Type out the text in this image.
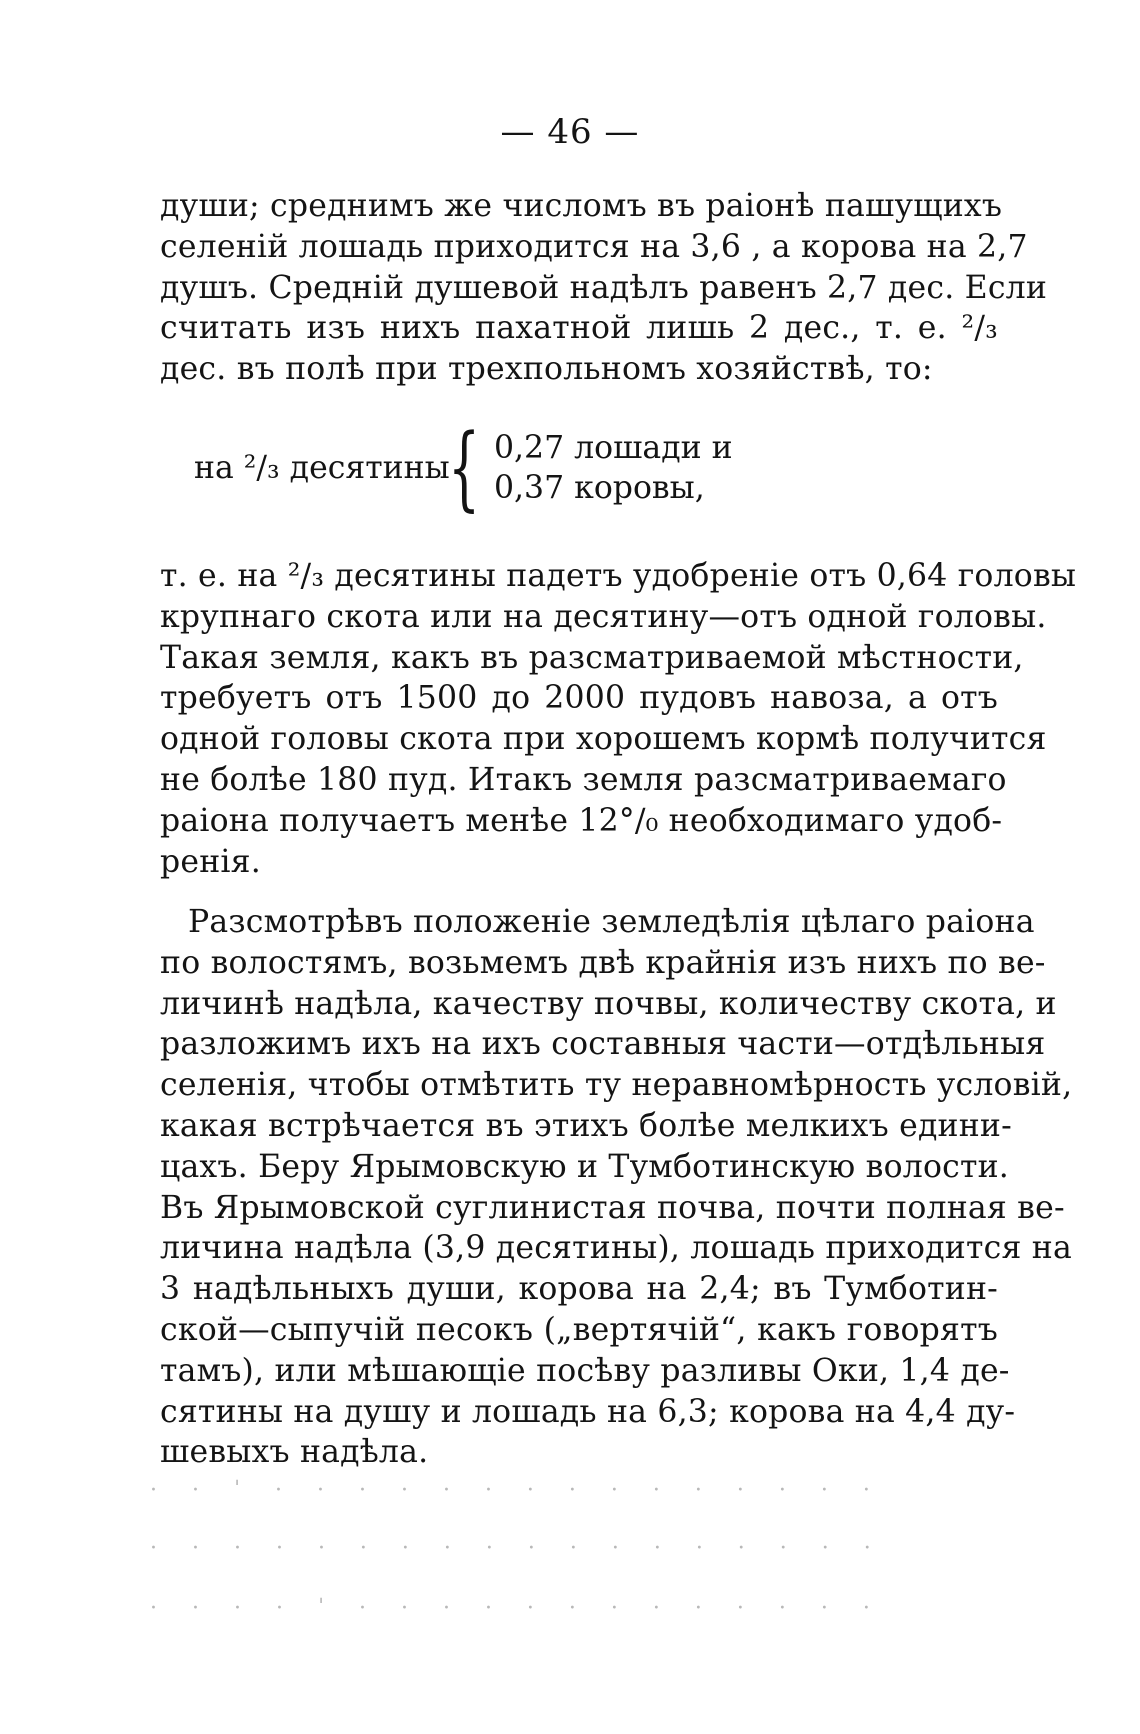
— 46 —
души; среднимъ же числомъ въ раіонѣ пашущихъ
селеній лошадь приходится на 3,6 , а корова на 2,7
душъ. Средній душевой надѣлъ равенъ 2,7 дес. Если
считать изъ нихъ пахатной лишь 2 дес., т. е. ²/₃
дес. въ полѣ при трехпольномъ хозяйствѣ, то:
на ²/₃ десятины
{ 0,27 лошади и
0,37 коровы,
т. е. на ²/₃ десятины падетъ удобреніе отъ 0,64 головы
крупнаго скота или на десятину—отъ одной головы.
Такая земля, какъ въ разсматриваемой мѣстности,
требуетъ отъ 1500 до 2000 пудовъ навоза, а отъ
одной головы скота при хорошемъ кормѣ получится
не болѣе 180 пуд. Итакъ земля разсматриваемаго
раіона получаетъ менѣе 12°/₀ необходимаго удоб-
ренія.
Разсмотрѣвъ положеніе земледѣлія цѣлаго раіона
по волостямъ, возьмемъ двѣ крайнія изъ нихъ по ве-
личинѣ надѣла, качеству почвы, количеству скота, и
разложимъ ихъ на ихъ составныя части—отдѣльныя
селенія, чтобы отмѣтить ту неравномѣрность условій,
какая встрѣчается въ этихъ болѣе мелкихъ едини-
цахъ. Беру Ярымовскую и Тумботинскую волости.
Въ Ярымовской суглинистая почва, почти полная ве-
личина надѣла (3,9 десятины), лошадь приходится на
3 надѣльныхъ души, корова на 2,4; въ Тумботин-
ской—сыпучій песокъ („вертячій“, какъ говорятъ
тамъ), или мѣшающіе посѣву разливы Оки, 1,4 де-
сятины на душу и лошадь на 6,3; корова на 4,4 ду-
шевыхъ надѣла.
· · ˈ · · · · · · · · · · · · · · ·
· · · · · · · · · · · · · · · · · ·
· · · · ˈ · · · · · · · · · · · · ·
